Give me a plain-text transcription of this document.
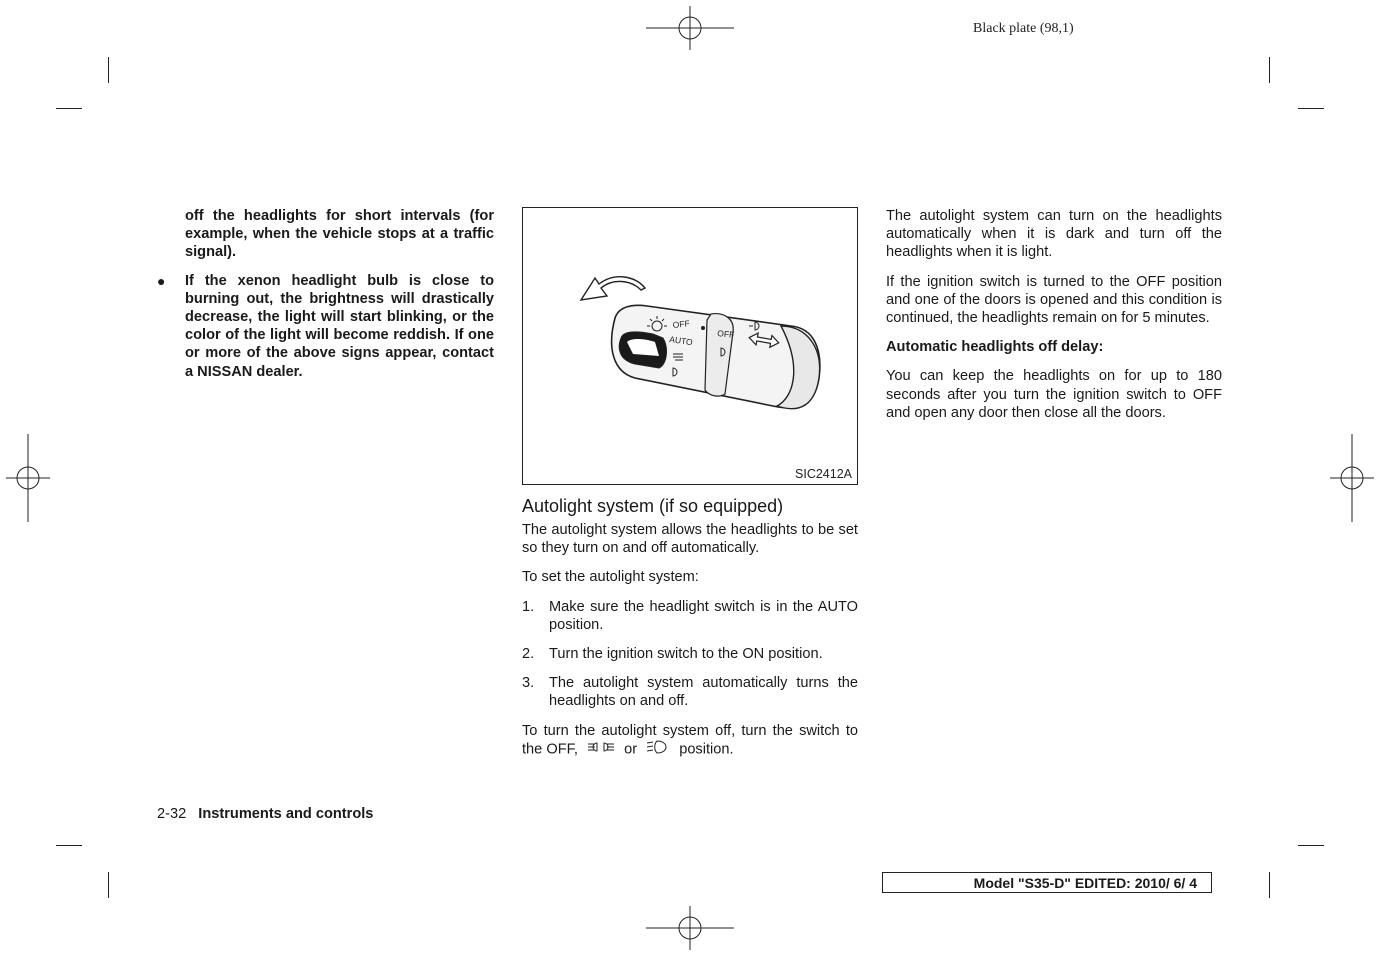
Black plate (98,1)

off the headlights for short intervals (for example, when the vehicle stops at a traffic signal).

● If the xenon headlight bulb is close to burning out, the brightness will drastically decrease, the light will start blinking, or the color of the light will become reddish. If one or more of the above signs appear, contact a NISSAN dealer.

OFF
AUTO
OFF
SIC2412A
Autolight system (if so equipped)

The autolight system allows the headlights to be set so they turn on and off automatically.

To set the autolight system:

1. Make sure the headlight switch is in the AUTO position.
2. Turn the ignition switch to the ON position.
3. The autolight system automatically turns the headlights on and off.

To turn the autolight system off, turn the switch to the OFF,	or	position.

The autolight system can turn on the headlights automatically when it is dark and turn off the headlights when it is light.

If the ignition switch is turned to the OFF position and one of the doors is opened and this condition is continued, the headlights remain on for 5 minutes.

Automatic headlights off delay:

You can keep the headlights on for up to 180 seconds after you turn the ignition switch to OFF and open any door then close all the doors.

2-32 Instruments and controls
Model "S35-D" EDITED: 2010/ 6/ 4
